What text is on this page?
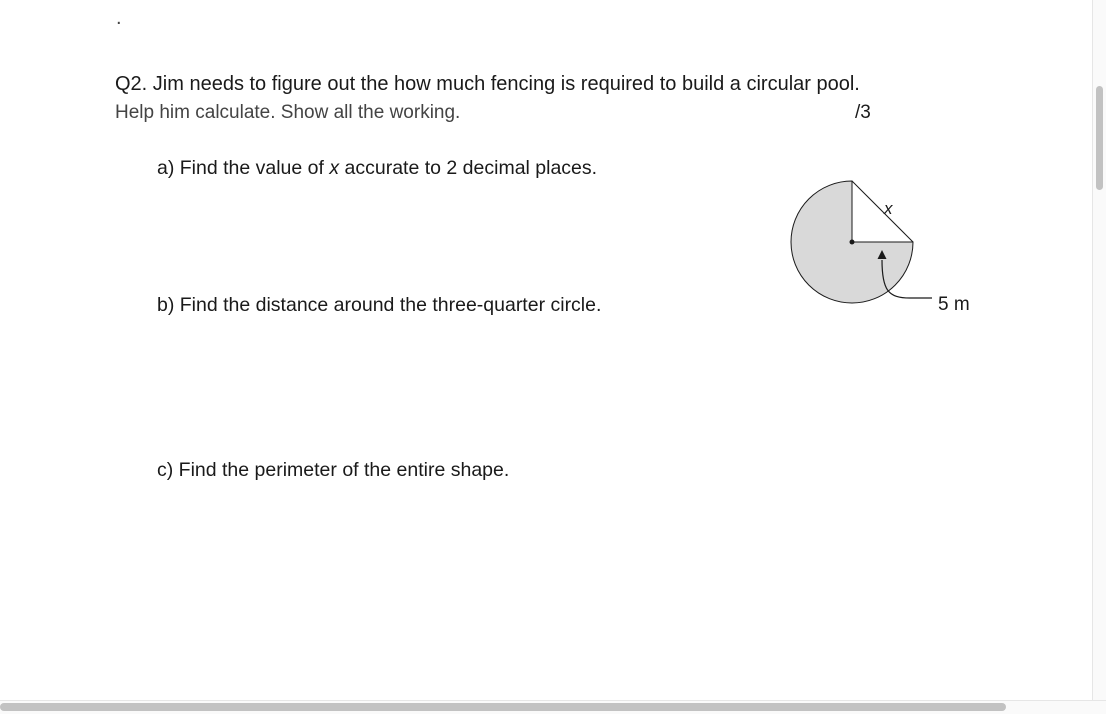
.
Q2. Jim needs to figure out the how much fencing is required to build a circular pool.
Help him calculate. Show all the working.	/3
a) Find the value of x accurate to 2 decimal places.
b) Find the distance around the three-quarter circle.
c) Find the perimeter of the entire shape.
x
5 m
